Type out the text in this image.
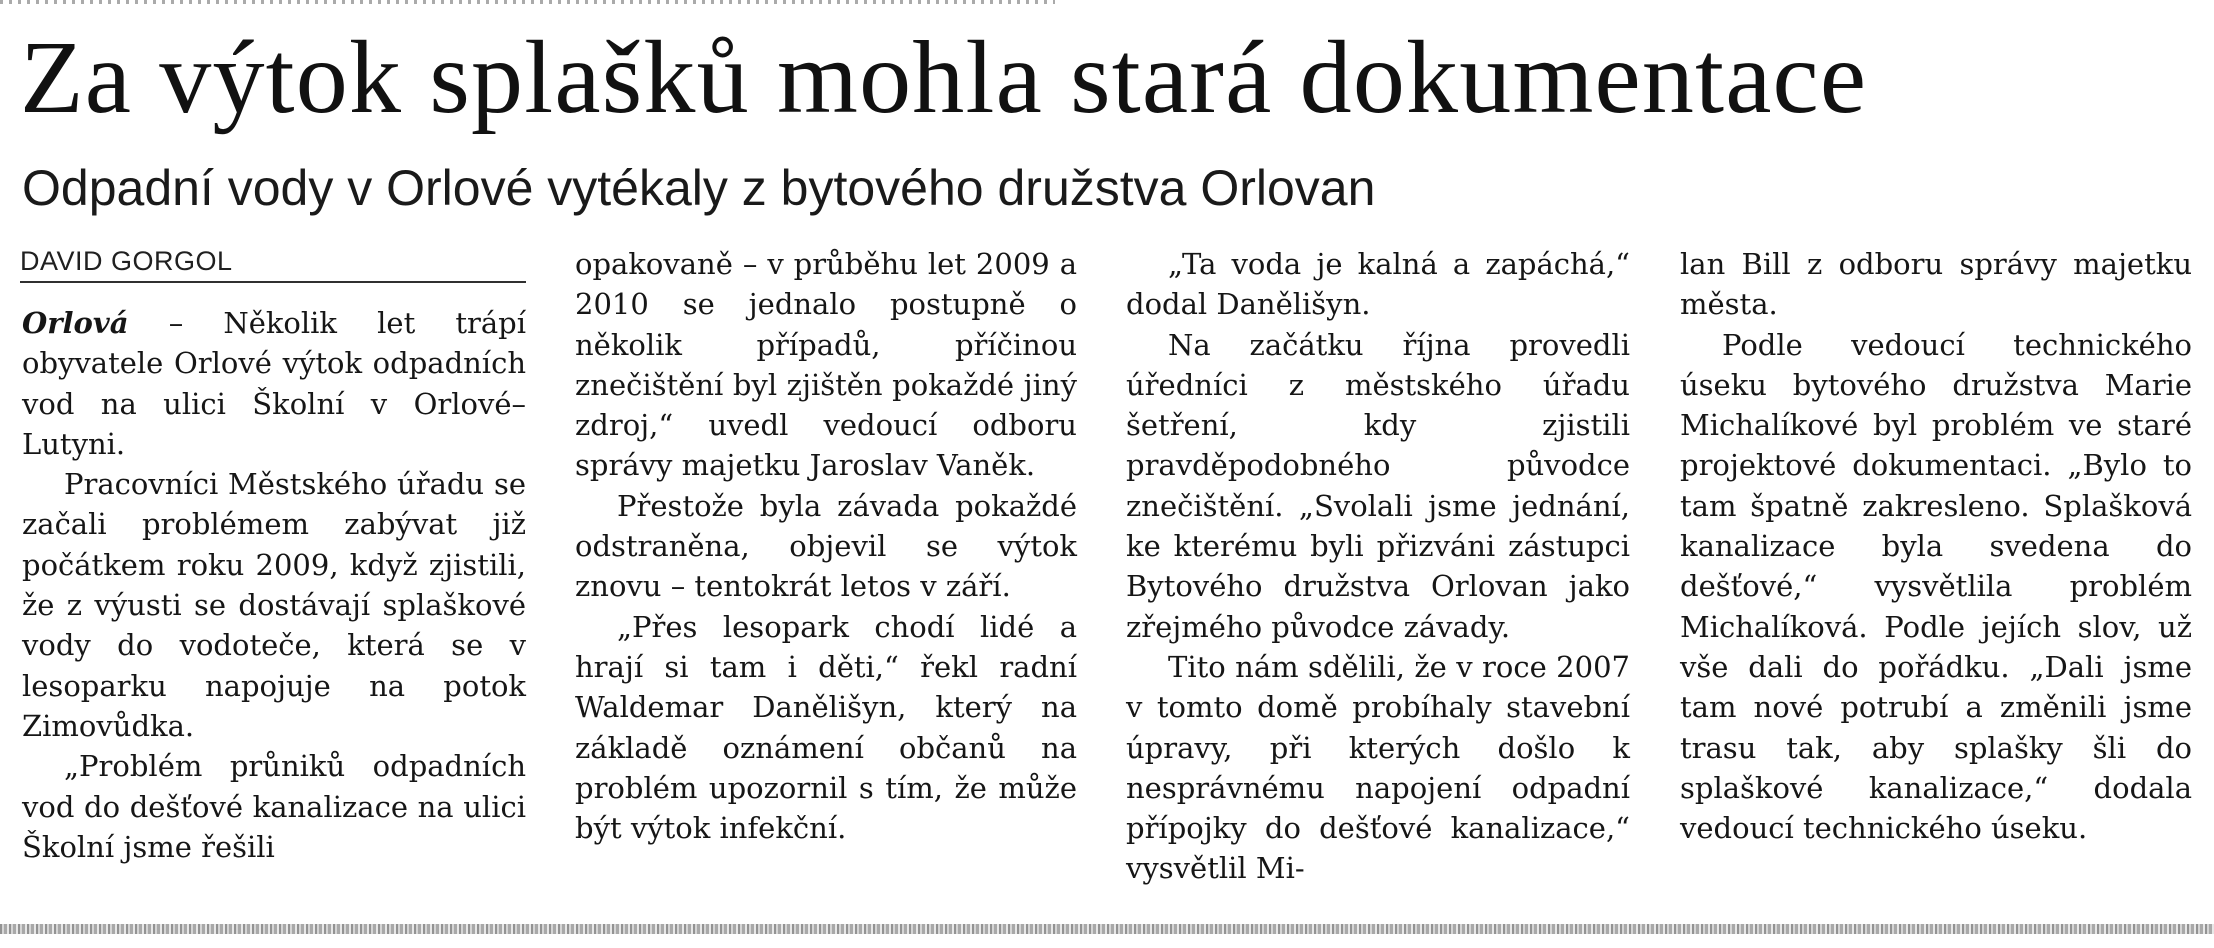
Za výtok splašků mohla stará dokumentace
Odpadní vody v Orlové vytékaly z bytového družstva Orlovan
DAVID GORGOL

Orlová – Několik let trápí obyvatele Orlové výtok odpadních vod na ulici Školní v Orlové–Lutyni.

Pracovníci Městského úřadu se začali problémem zabývat již počátkem roku 2009, když zjistili, že z výusti se dostávají splaškové vody do vodoteče, která se v lesoparku napojuje na potok Zimovůdka.

„Problém průniků odpadních vod do dešťové kanalizace na ulici Školní jsme řešili

opakovaně – v průběhu let 2009 a 2010 se jednalo postupně o několik případů, příčinou znečištění byl zjištěn pokaždé jiný zdroj,“ uvedl vedoucí odboru správy majetku Jaroslav Vaněk.

Přestože byla závada pokaždé odstraněna, objevil se výtok znovu – tentokrát letos v září.

„Přes lesopark chodí lidé a hrají si tam i děti,“ řekl radní Waldemar Danělišyn, který na základě oznámení občanů na problém upozornil s tím, že může být výtok infekční.

„Ta voda je kalná a zapáchá,“ dodal Danělišyn.

Na začátku října provedli úředníci z městského úřadu šetření, kdy zjistili pravděpodobného původce znečištění. „Svolali jsme jednání, ke kterému byli přizváni zástupci Bytového družstva Orlovan jako zřejmého původce závady.

Tito nám sdělili, že v roce 2007 v tomto domě probíhaly stavební úpravy, při kterých došlo k nesprávnému napojení odpadní přípojky do dešťové kanalizace,“ vysvětlil Mi-

lan Bill z odboru správy majetku města.

Podle vedoucí technického úseku bytového družstva Marie Michalíkové byl problém ve staré projektové dokumentaci. „Bylo to tam špatně zakresleno. Splašková kanalizace byla svedena do dešťové,“ vysvětlila problém Michalíková. Podle jejích slov, už vše dali do pořádku. „Dali jsme tam nové potrubí a změnili jsme trasu tak, aby splašky šli do splaškové kanalizace,“ dodala vedoucí technického úseku.
